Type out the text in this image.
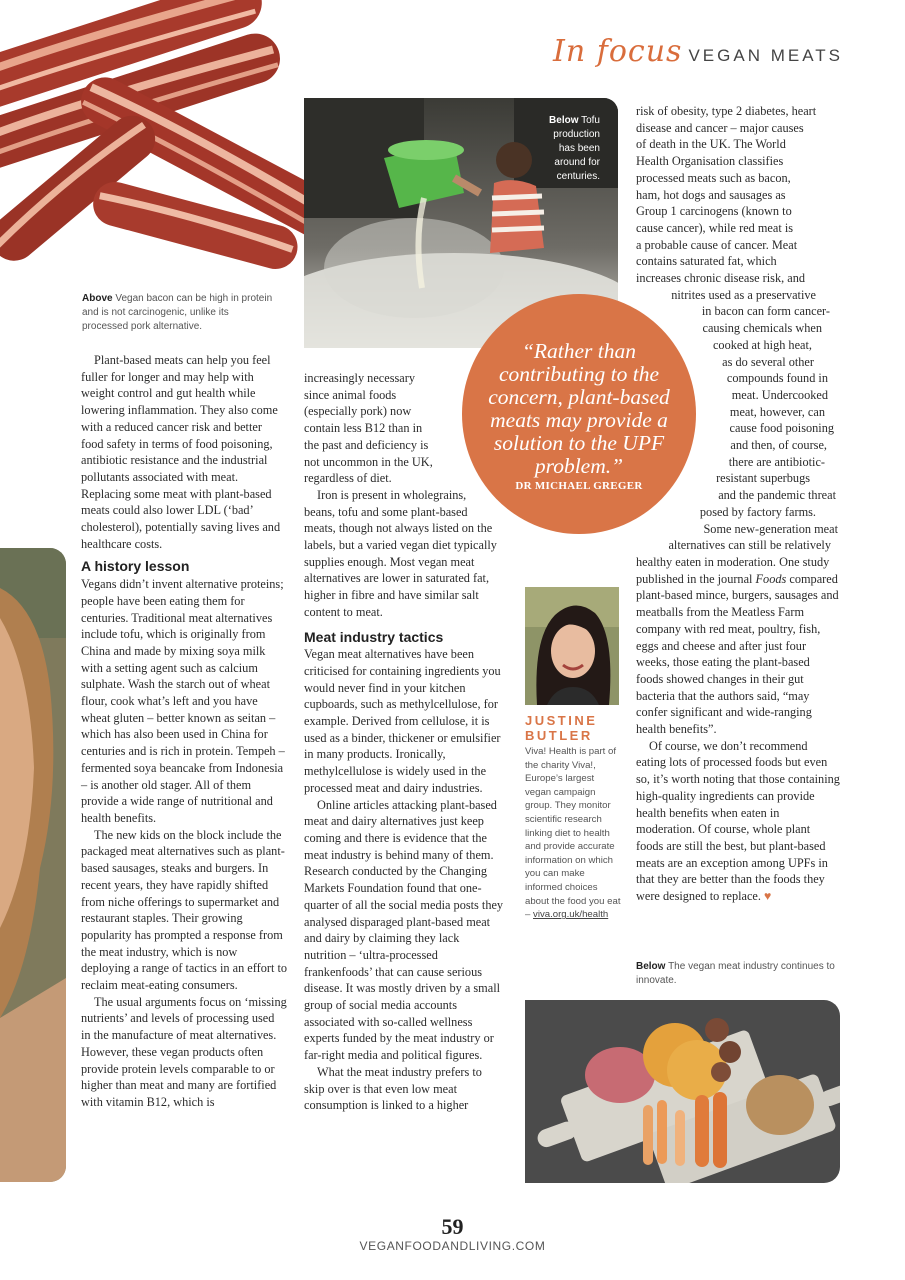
In focus VEGAN MEATS
Below Tofu production has been around for centuries.
Above Vegan bacon can be high in protein and is not carcinogenic, unlike its processed pork alternative.

Plant-based meats can help you feel fuller for longer and may help with weight control and gut health while lowering inflammation. They also come with a reduced cancer risk and better food safety in terms of food poisoning, antibiotic resistance and the industrial pollutants associated with meat. Replacing some meat with plant-based meats could also lower LDL (‘bad’ cholesterol), potentially saving lives and healthcare costs.

A history lesson

Vegans didn’t invent alternative proteins; people have been eating them for centuries. Traditional meat alternatives include tofu, which is originally from China and made by mixing soya milk with a setting agent such as calcium sulphate. Wash the starch out of wheat flour, cook what’s left and you have wheat gluten – better known as seitan – which has also been used in China for centuries and is rich in protein. Tempeh – fermented soya beancake from Indonesia – is another old stager. All of them provide a wide range of nutritional and health benefits.

The new kids on the block include the packaged meat alternatives such as plant-based sausages, steaks and burgers. In recent years, they have rapidly shifted from niche offerings to supermarket and restaurant staples. Their growing popularity has prompted a response from the meat industry, which is now deploying a range of tactics in an effort to reclaim meat-eating consumers.

The usual arguments focus on ‘missing nutrients’ and levels of processing used in the manufacture of meat alternatives. However, these vegan products often provide protein levels comparable to or higher than meat and many are fortified with vitamin B12, which is

increasingly necessary
since animal foods
(especially pork) now
contain less B12 than in
the past and deficiency is
not uncommon in the UK,
regardless of diet.

Iron is present in wholegrains, beans, tofu and some plant-based meats, though not always listed on the labels, but a varied vegan diet typically supplies enough. Most vegan meat alternatives are lower in saturated fat, higher in fibre and have similar salt content to meat.

Meat industry tactics

Vegan meat alternatives have been criticised for containing ingredients you would never find in your kitchen cupboards, such as methylcellulose, for example. Derived from cellulose, it is used as a binder, thickener or emulsifier in many products. Ironically, methylcellulose is widely used in the processed meat and dairy industries.

Online articles attacking plant-based meat and dairy alternatives just keep coming and there is evidence that the meat industry is behind many of them. Research conducted by the Changing Markets Foundation found that one-quarter of all the social media posts they analysed disparaged plant-based meat and dairy by claiming they lack nutrition – ‘ultra-processed frankenfoods’ that can cause serious disease. It was mostly driven by a small group of social media accounts associated with so-called wellness experts funded by the meat industry or far-right media and political figures.

What the meat industry prefers to skip over is that even low meat consumption is linked to a higher

“Rather than contributing to the concern, plant-based meats may provide a solution to the UPF problem.”
DR MICHAEL GREGER
risk of obesity, type 2 diabetes, heart
disease and cancer – major causes
of death in the UK. The World
Health Organisation classifies
processed meats such as bacon,
ham, hot dogs and sausages as
Group 1 carcinogens (known to
cause cancer), while red meat is
a probable cause of cancer. Meat
contains saturated fat, which
increases chronic disease risk, and
nitrites used as a preservative
in bacon can form cancer-
causing chemicals when
cooked at high heat,
as do several other
compounds found in
meat. Undercooked
meat, however, can
cause food poisoning
and then, of course,
there are antibiotic-
resistant superbugs
and the pandemic threat
posed by factory farms.
Some new-generation meat
alternatives can still be relatively
healthy eaten in moderation. One study published in the journal Foods compared plant-based mince, burgers, sausages and meatballs from the Meatless Farm company with red meat, poultry, fish, eggs and cheese and after just four weeks, those eating the plant-based foods showed changes in their gut bacteria that the authors said, “may confer significant and wide-ranging health benefits”.

Of course, we don’t recommend eating lots of processed foods but even so, it’s worth noting that those containing high-quality ingredients can provide health benefits when eaten in moderation. Of course, whole plant foods are still the best, but plant-based meats are an exception among UPFs in that they are better than the foods they were designed to replace. ♥

JUSTINE
BUTLER
Viva! Health is part of the charity Viva!, Europe’s largest vegan campaign group. They monitor scientific research linking diet to health and provide accurate information on which you can make informed choices about the food you eat – viva.org.uk/health
Below The vegan meat industry continues to innovate.
59
VEGANFOODANDLIVING.COM
